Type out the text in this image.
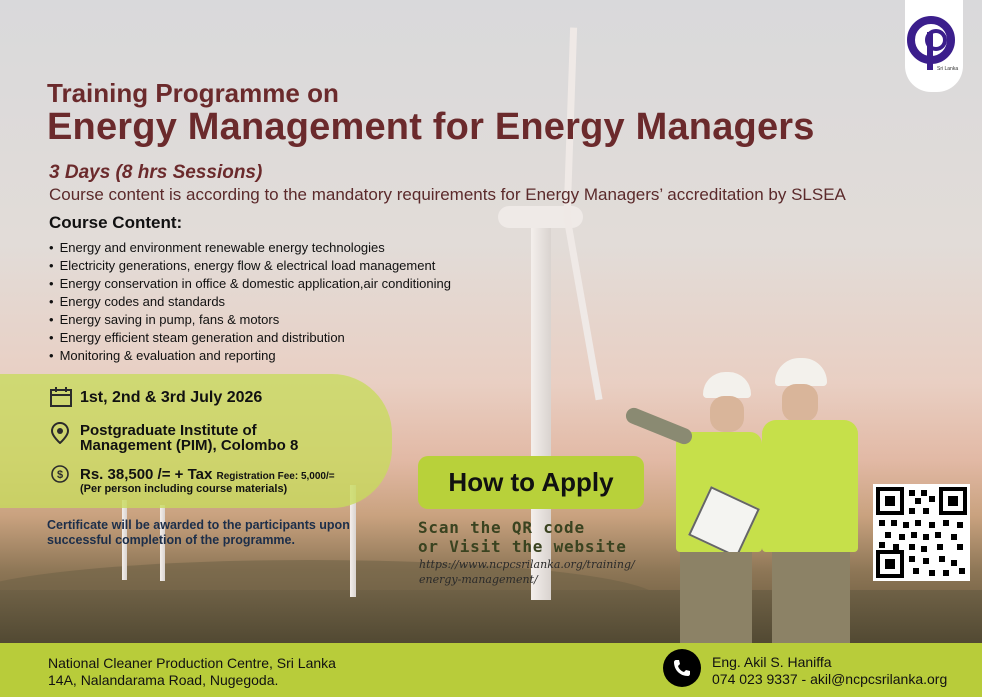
Sri Lanka
Training Programme on
Energy Management for Energy Managers
3 Days (8 hrs Sessions)
Course content is according to the mandatory requirements for Energy Managers’ accreditation by SLSEA
Course Content:
• Energy and environment renewable energy technologies
• Electricity generations, energy flow & electrical load management
• Energy conservation in office & domestic application,air conditioning
• Energy codes and standards
• Energy saving in pump, fans & motors
• Energy efficient steam generation and distribution
• Monitoring & evaluation and reporting
1st, 2nd & 3rd July 2026
Postgraduate Institute of
Management (PIM), Colombo 8
$ Rs. 38,500 /= + Tax Registration Fee: 5,000/=
(Per person including course materials)
Certificate will be awarded to the participants upon
successful completion of the programme.
How to Apply
Scan the QR code
or Visit the website
https://www.ncpcsrilanka.org/training/
energy-management/
National Cleaner Production Centre, Sri Lanka
14A, Nalandarama Road, Nugegoda.
Eng. Akil S. Haniffa
074 023 9337 - akil@ncpcsrilanka.org
